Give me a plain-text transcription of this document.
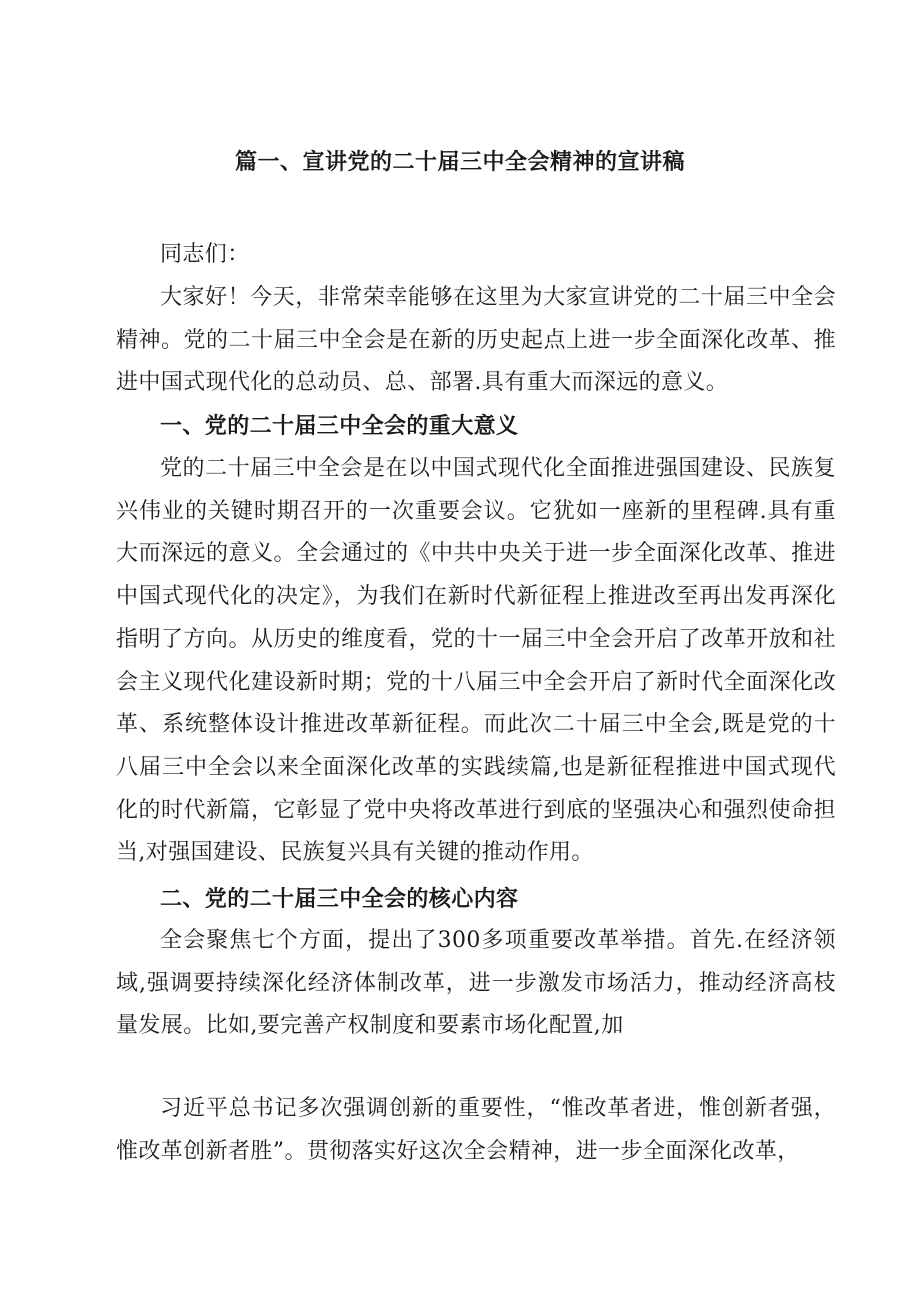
篇一、宣讲党的二十届三中全会精神的宣讲稿
同志们：
大家好！今天，非常荣幸能够在这里为大家宣讲党的二十届三中全会精神。党的二十届三中全会是在新的历史起点上进一步全面深化改革、推进中国式现代化的总动员、总、部署.具有重大而深远的意义。
一、党的二十届三中全会的重大意义
党的二十届三中全会是在以中国式现代化全面推进强国建设、民族复兴伟业的关键时期召开的一次重要会议。它犹如一座新的里程碑.具有重大而深远的意义。全会通过的《中共中央关于进一步全面深化改革、推进中国式现代化的决定》，为我们在新时代新征程上推进改至再出发再深化指明了方向。从历史的维度看，党的十一届三中全会开启了改革开放和社会主义现代化建设新时期；党的十八届三中全会开启了新时代全面深化改革、系统整体设计推进改革新征程。而此次二十届三中全会,既是党的十八届三中全会以来全面深化改革的实践续篇,也是新征程推进中国式现代化的时代新篇，它彰显了党中央将改革进行到底的坚强决心和强烈使命担当,对强国建设、民族复兴具有关键的推动作用。
二、党的二十届三中全会的核心内容
全会聚焦七个方面，提出了300多项重要改革举措。首先.在经济领域,强调要持续深化经济体制改革，进一步激发市场活力，推动经济高枝量发展。比如,要完善产权制度和要素市场化配置,加
习近平总书记多次强调创新的重要性，“惟改革者进，惟创新者强，惟改革创新者胜”。贯彻落实好这次全会精神，进一步全面深化改革，
